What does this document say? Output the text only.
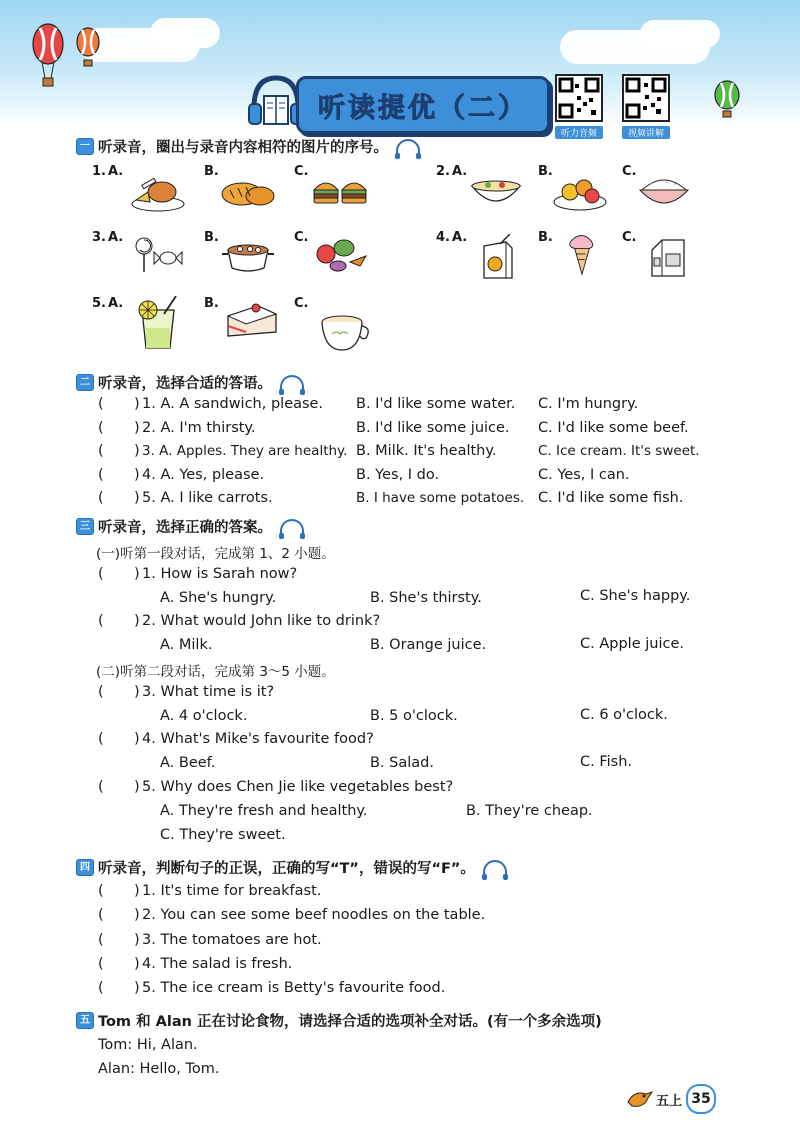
听读提优（二）
听力音频	视频讲解
一 听录音，圈出与录音内容相符的图片的序号。
1. A.	B.	C.	2. A.	B.	C.
3. A.	B.	C.	4. A.	B.	C.
5. A.	B.	C.
二 听录音，选择合适的答语。
( ) 1. A. A sandwich, please. B. I'd like some water. C. I'm hungry.
( ) 2. A. I'm thirsty.	B. I'd like some juice. C. I'd like some beef.
( ) 3. A. Apples. They are healthy. B. Milk. It's healthy.	C. Ice cream. It's sweet.
( ) 4. A. Yes, please.	B. Yes, I do.	C. Yes, I can.
( ) 5. A. I like carrots.	B. I have some potatoes. C. I'd like some fish.
三 听录音，选择正确的答案。
(一)听第一段对话，完成第 1、2 小题。
( ) 1. How is Sarah now?
A. She's hungry.	B. She's thirsty.	C. She's happy.
( ) 2. What would John like to drink?
A. Milk.	B. Orange juice.	C. Apple juice.
(二)听第二段对话，完成第 3～5 小题。
( ) 3. What time is it?
A. 4 o'clock.	B. 5 o'clock.	C. 6 o'clock.
( ) 4. What's Mike's favourite food?
A. Beef.	B. Salad.	C. Fish.
( ) 5. Why does Chen Jie like vegetables best?
A. They're fresh and healthy.	B. They're cheap.
C. They're sweet.
四 听录音，判断句子的正误，正确的写“T”，错误的写“F”。
( ) 1. It's time for breakfast.
( ) 2. You can see some beef noodles on the table.
( ) 3. The tomatoes are hot.
( ) 4. The salad is fresh.
( ) 5. The ice cream is Betty's favourite food.
五 Tom 和 Alan 正在讨论食物，请选择合适的选项补全对话。(有一个多余选项)
Tom: Hi, Alan.
Alan: Hello, Tom.
五上 35
